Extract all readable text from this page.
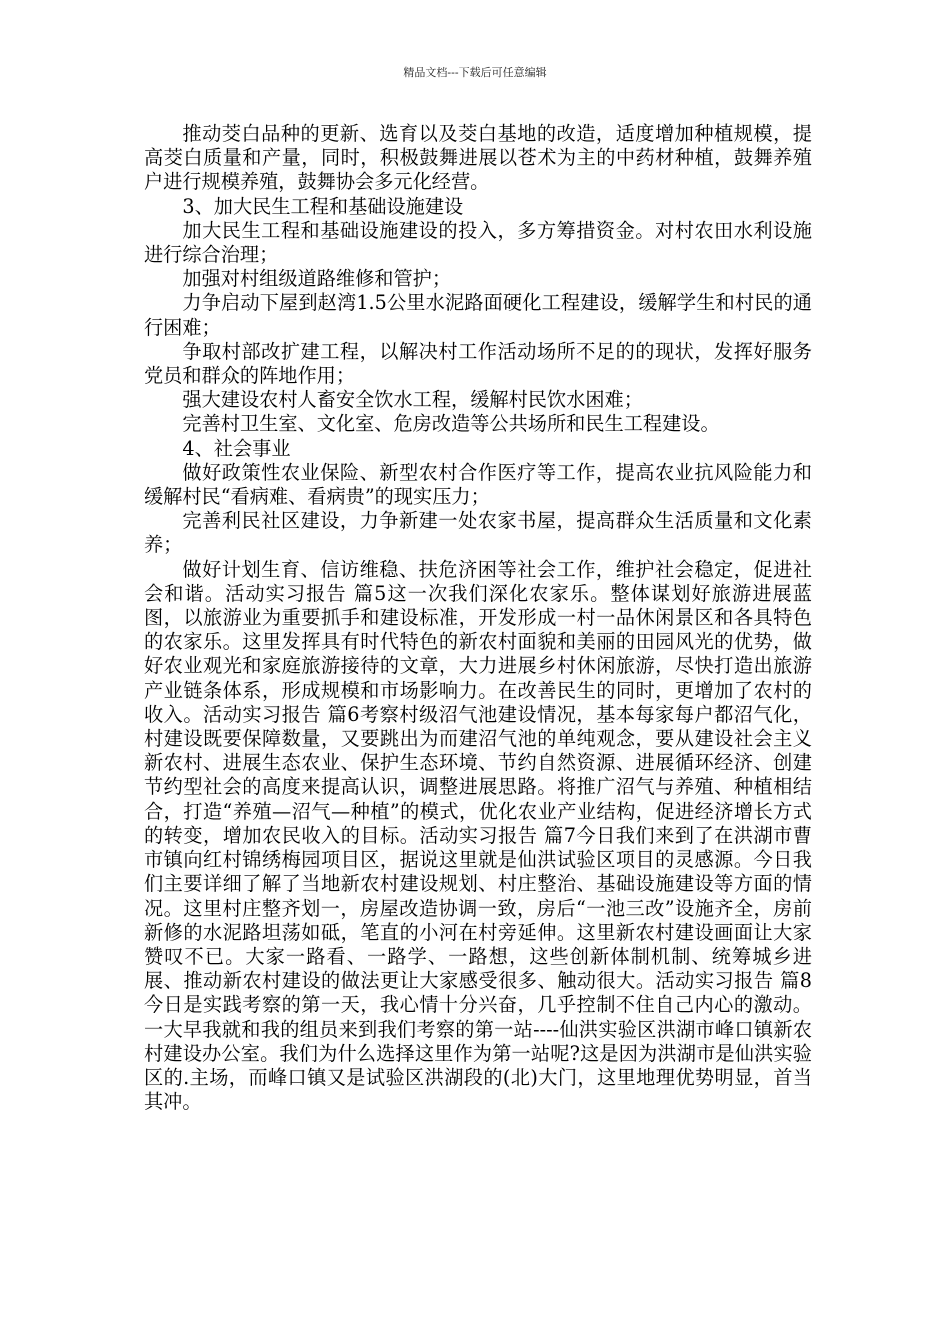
精品文档---下载后可任意编辑

推动茭白品种的更新、选育以及茭白基地的改造，适度增加种植规模，提高茭白质量和产量，同时，积极鼓舞进展以苍术为主的中药材种植，鼓舞养殖户进行规模养殖，鼓舞协会多元化经营。

3、加大民生工程和基础设施建设

加大民生工程和基础设施建设的投入，多方筹措资金。对村农田水利设施进行综合治理；

加强对村组级道路维修和管护；

力争启动下屋到赵湾1.5公里水泥路面硬化工程建设，缓解学生和村民的通行困难；

争取村部改扩建工程，以解决村工作活动场所不足的的现状，发挥好服务党员和群众的阵地作用；

强大建设农村人畜安全饮水工程，缓解村民饮水困难；

完善村卫生室、文化室、危房改造等公共场所和民生工程建设。

4、社会事业

做好政策性农业保险、新型农村合作医疗等工作，提高农业抗风险能力和缓解村民“看病难、看病贵”的现实压力；

完善利民社区建设，力争新建一处农家书屋，提高群众生活质量和文化素养；

做好计划生育、信访维稳、扶危济困等社会工作，维护社会稳定，促进社会和谐。活动实习报告 篇5这一次我们深化农家乐。整体谋划好旅游进展蓝图，以旅游业为重要抓手和建设标准，开发形成一村一品休闲景区和各具特色的农家乐。这里发挥具有时代特色的新农村面貌和美丽的田园风光的优势，做好农业观光和家庭旅游接待的文章，大力进展乡村休闲旅游，尽快打造出旅游产业链条体系，形成规模和市场影响力。在改善民生的同时，更增加了农村的收入。活动实习报告 篇6考察村级沼气池建设情况，基本每家每户都沼气化，村建设既要保障数量，又要跳出为而建沼气池的单纯观念，要从建设社会主义新农村、进展生态农业、保护生态环境、节约自然资源、进展循环经济、创建节约型社会的高度来提高认识，调整进展思路。将推广沼气与养殖、种植相结合，打造“养殖—沼气—种植”的模式，优化农业产业结构，促进经济增长方式的转变，增加农民收入的目标。活动实习报告 篇7今日我们来到了在洪湖市曹市镇向红村锦绣梅园项目区，据说这里就是仙洪试验区项目的灵感源。今日我们主要详细了解了当地新农村建设规划、村庄整治、基础设施建设等方面的情况。这里村庄整齐划一，房屋改造协调一致，房后“一池三改”设施齐全，房前新修的水泥路坦荡如砥，笔直的小河在村旁延伸。这里新农村建设画面让大家赞叹不已。大家一路看、一路学、一路想，这些创新体制机制、统筹城乡进展、推动新农村建设的做法更让大家感受很多、触动很大。活动实习报告 篇8今日是实践考察的第一天，我心情十分兴奋，几乎控制不住自己内心的激动。一大早我就和我的组员来到我们考察的第一站----仙洪实验区洪湖市峰口镇新农村建设办公室。我们为什么选择这里作为第一站呢?这是因为洪湖市是仙洪实验区的.主场，而峰口镇又是试验区洪湖段的(北)大门，这里地理优势明显，首当其冲。
